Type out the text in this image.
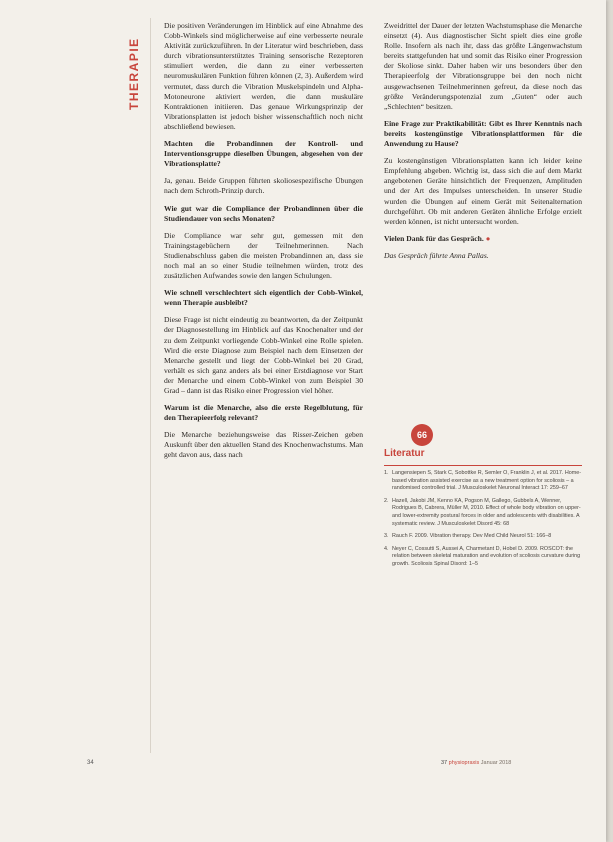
THERAPIE

Die positiven Veränderungen im Hinblick auf eine Abnahme des Cobb-Winkels sind möglicherweise auf eine verbesserte neurale Aktivität zurückzuführen. In der Literatur wird beschrieben, dass durch vibrationsunterstütztes Training sensorische Rezeptoren stimuliert werden, die dann zu einer verbesserten neuromuskulären Funktion führen können (2, 3). Außerdem wird vermutet, dass durch die Vibration Muskelspindeln und Alpha-Motoneurone aktiviert werden, die dann muskuläre Kontraktionen initiieren. Das genaue Wirkungsprinzip der Vibrationsplatten ist jedoch bisher wissenschaftlich noch nicht abschließend bewiesen.

Machten die Probandinnen der Kontroll- und Interventionsgruppe dieselben Übungen, abgesehen von der Vibrationsplatte?

Ja, genau. Beide Gruppen führten skoliosespezifische Übungen nach dem Schroth-Prinzip durch.

Wie gut war die Compliance der Probandinnen über die Studiendauer von sechs Monaten?

Die Compliance war sehr gut, gemessen mit den Trainingstagebüchern der Teilnehmerinnen. Nach Studienabschluss gaben die meisten Probandinnen an, dass sie noch mal an so einer Studie teilnehmen würden, trotz des zusätzlichen Aufwandes sowie den langen Schulungen.

Wie schnell verschlechtert sich eigentlich der Cobb-Winkel, wenn Therapie ausbleibt?

Diese Frage ist nicht eindeutig zu beantworten, da der Zeitpunkt der Diagnosestellung im Hinblick auf das Knochenalter und der zu dem Zeitpunkt vorliegende Cobb-Winkel eine Rolle spielen. Wird die erste Diagnose zum Beispiel nach dem Einsetzen der Menarche gestellt und liegt der Cobb-Winkel bei 20 Grad, verhält es sich ganz anders als bei einer Erstdiagnose vor Start der Menarche und einem Cobb-Winkel von zum Beispiel 30 Grad – dann ist das Risiko einer Progression viel höher.

Warum ist die Menarche, also die erste Regelblutung, für den Therapieerfolg relevant?

Die Menarche beziehungsweise das Risser-Zeichen geben Auskunft über den aktuellen Stand des Knochenwachstums. Man geht davon aus, dass nach

Zweidrittel der Dauer der letzten Wachstumsphase die Menarche einsetzt (4). Aus diagnostischer Sicht spielt dies eine große Rolle. Insofern als nach ihr, dass das größte Längenwachstum bereits stattgefunden hat und somit das Risiko einer Progression der Skoliose sinkt. Daher haben wir uns besonders über den Therapieerfolg der Vibrationsgruppe bei den noch nicht ausgewachsenen Teilnehmerinnen gefreut, da diese noch das größte Veränderungspotenzial zum „Guten“ oder auch „Schlechten“ besitzen.

Eine Frage zur Praktikabilität: Gibt es Ihrer Kenntnis nach bereits kostengünstige Vibrationsplattformen für die Anwendung zu Hause?

Zu kostengünstigen Vibrationsplatten kann ich leider keine Empfehlung abgeben. Wichtig ist, dass sich die auf dem Markt angebotenen Geräte hinsichtlich der Frequenzen, Amplituden und der Art des Impulses unterscheiden. In unserer Studie wurden die Übungen auf einem Gerät mit Seitenalternation durchgeführt. Ob mit anderen Geräten ähnliche Erfolge erzielt werden können, ist nicht untersucht worden.

Vielen Dank für das Gespräch. ●

Das Gespräch führte Anna Pallas.

66
Literatur
1. Langensiepen S, Stark C, Sobottke R, Semler O, Franklin J, et al. 2017. Home-based vibration assisted exercise as a new treatment option for scoliosis – a randomised controlled trial. J Musculoskelet Neuronal Interact 17: 259–67
2. Hazell, Jakobi JM, Kenno KA, Pogson M, Gallego, Gubbels A, Wenner, Rodrigues B, Cabrera, Müller M, 2010. Effect of whole body vibration on upper- and lower-extremity postural forces in older and adolescents with disabilities. A systematic review. J Musculoskelet Disord 45: 68
3. Rauch F. 2009. Vibration therapy. Dev Med Child Neurol 51: 166–8
4. Neyer C, Cossutti S, Aussei A, Charmetant D, Hobel D. 2009. ROSCOT: the relation between skeletal maturation and evolution of scoliosis curvature during growth. Scoliosis Spinal Disord: 1–5
34	37 physiopraxis Januar 2018
